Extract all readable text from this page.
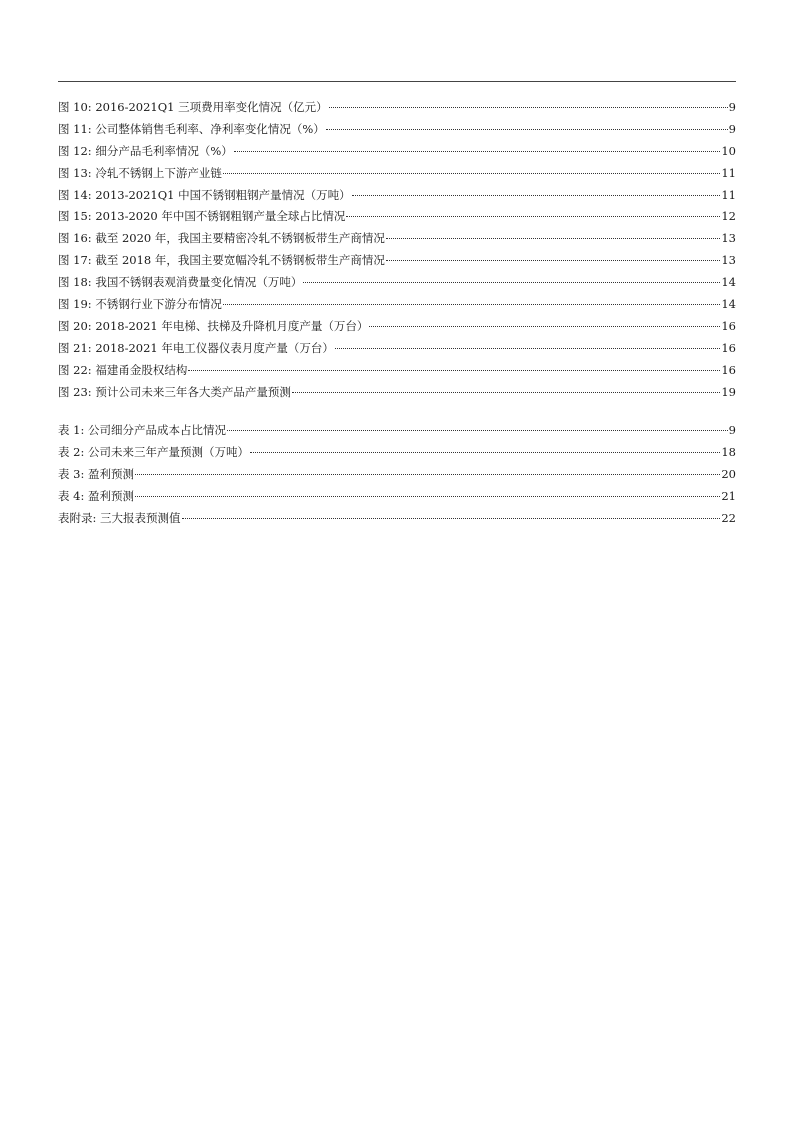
图 10: 2016-2021Q1 三项费用率变化情况（亿元）	9
图 11: 公司整体销售毛利率、净利率变化情况（%）	9
图 12: 细分产品毛利率情况（%）	10
图 13: 冷轧不锈钢上下游产业链	11
图 14: 2013-2021Q1 中国不锈钢粗钢产量情况（万吨）	11
图 15: 2013-2020 年中国不锈钢粗钢产量全球占比情况	12
图 16: 截至 2020 年，我国主要精密冷轧不锈钢板带生产商情况	13
图 17: 截至 2018 年，我国主要宽幅冷轧不锈钢板带生产商情况	13
图 18: 我国不锈钢表观消费量变化情况（万吨）	14
图 19: 不锈钢行业下游分布情况	14
图 20: 2018-2021 年电梯、扶梯及升降机月度产量（万台）	16
图 21: 2018-2021 年电工仪器仪表月度产量（万台）	16
图 22: 福建甬金股权结构	16
图 23: 预计公司未来三年各大类产品产量预测	19
表 1: 公司细分产品成本占比情况	9
表 2: 公司未来三年产量预测（万吨）	18
表 3: 盈利预测	20
表 4: 盈利预测	21
表附录: 三大报表预测值	22
